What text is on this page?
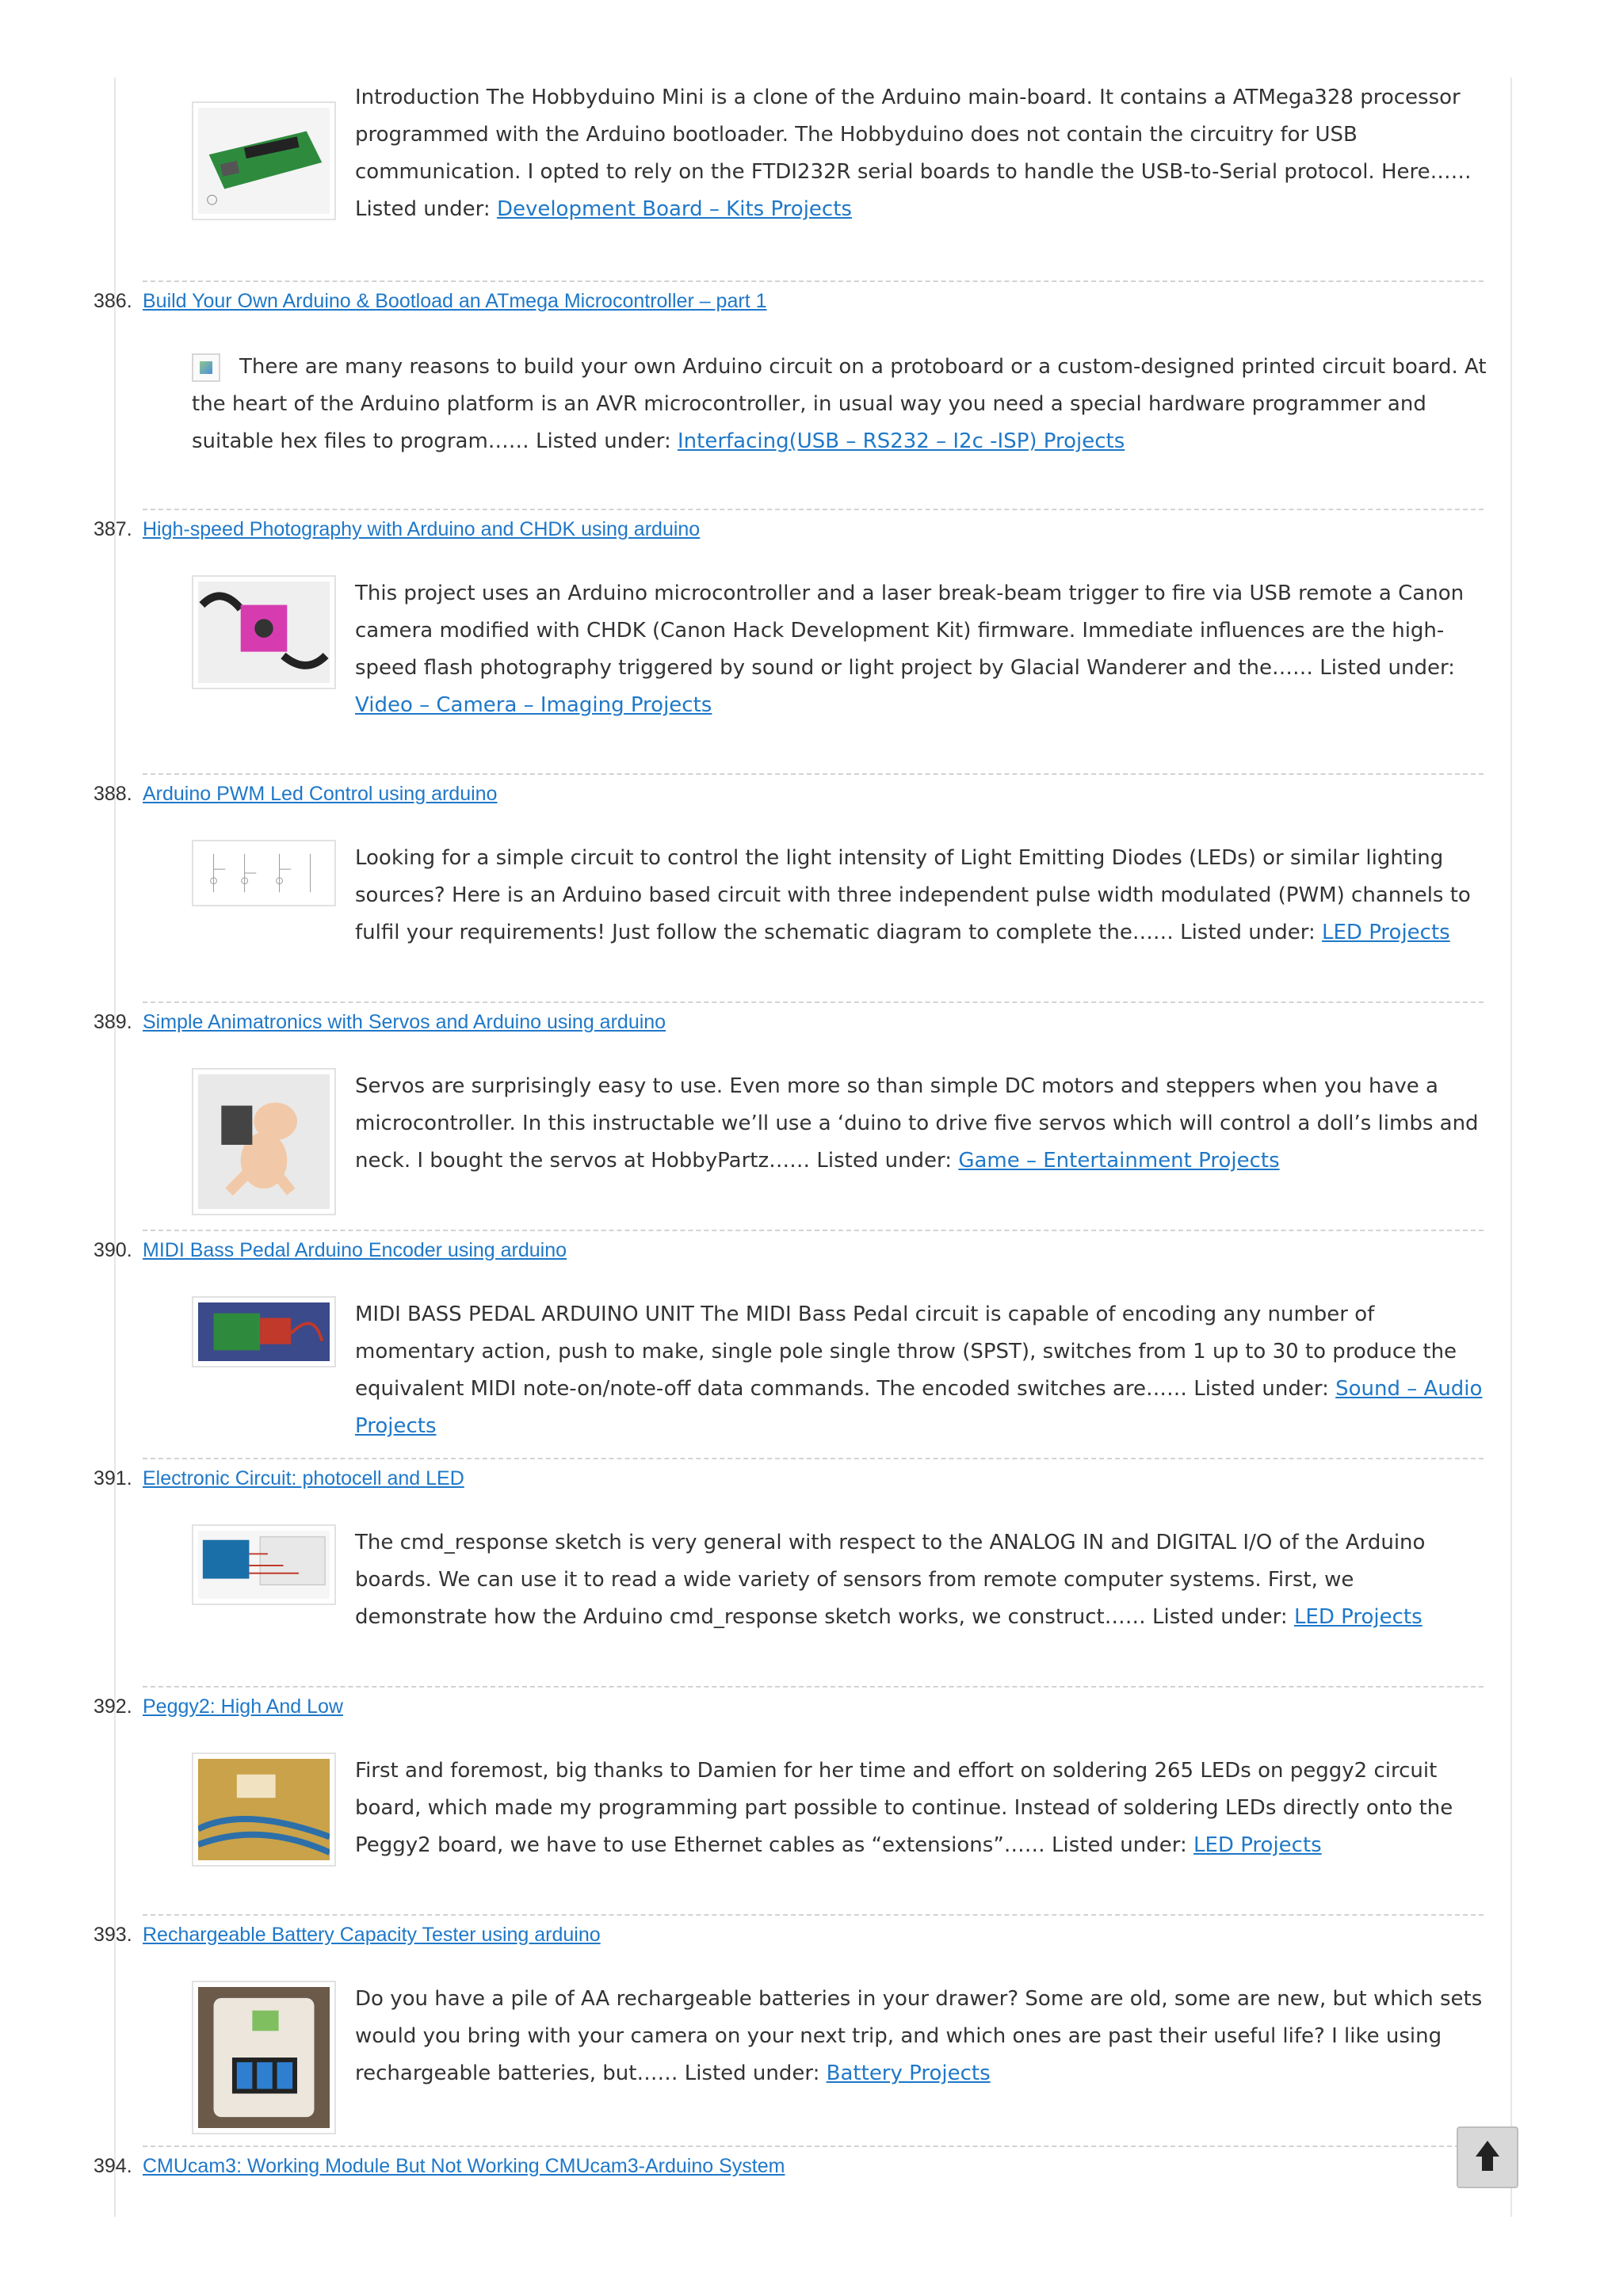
Introduction The Hobbyduino Mini is a clone of the Arduino main-board. It contains a ATMega328 processor programmed with the Arduino bootloader. The Hobbyduino does not contain the circuitry for USB communication. I opted to rely on the FTDI232R serial boards to handle the USB-to-Serial protocol. Here…… Listed under: Development Board – Kits Projects
386. Build Your Own Arduino & Bootload an ATmega Microcontroller – part 1
There are many reasons to build your own Arduino circuit on a protoboard or a custom-designed printed circuit board. At the heart of the Arduino platform is an AVR microcontroller, in usual way you need a special hardware programmer and suitable hex files to program…… Listed under: Interfacing(USB – RS232 – I2c -ISP) Projects
387. High-speed Photography with Arduino and CHDK using arduino
This project uses an Arduino microcontroller and a laser break-beam trigger to fire via USB remote a Canon camera modified with CHDK (Canon Hack Development Kit) firmware. Immediate influences are the high-speed flash photography triggered by sound or light project by Glacial Wanderer and the…… Listed under: Video – Camera – Imaging Projects
388. Arduino PWM Led Control using arduino
Looking for a simple circuit to control the light intensity of Light Emitting Diodes (LEDs) or similar lighting sources? Here is an Arduino based circuit with three independent pulse width modulated (PWM) channels to fulfil your requirements! Just follow the schematic diagram to complete the…… Listed under: LED Projects
389. Simple Animatronics with Servos and Arduino using arduino
Servos are surprisingly easy to use. Even more so than simple DC motors and steppers when you have a microcontroller. In this instructable we’ll use a ‘duino to drive five servos which will control a doll’s limbs and neck. I bought the servos at HobbyPartz…… Listed under: Game – Entertainment Projects
390. MIDI Bass Pedal Arduino Encoder using arduino
MIDI BASS PEDAL ARDUINO UNIT The MIDI Bass Pedal circuit is capable of encoding any number of momentary action, push to make, single pole single throw (SPST), switches from 1 up to 30 to produce the equivalent MIDI note-on/note-off data commands. The encoded switches are…… Listed under: Sound – Audio Projects
391. Electronic Circuit: photocell and LED
The cmd_response sketch is very general with respect to the ANALOG IN and DIGITAL I/O of the Arduino boards. We can use it to read a wide variety of sensors from remote computer systems. First, we demonstrate how the Arduino cmd_response sketch works, we construct…… Listed under: LED Projects
392. Peggy2: High And Low
First and foremost, big thanks to Damien for her time and effort on soldering 265 LEDs on peggy2 circuit board, which made my programming part possible to continue. Instead of soldering LEDs directly onto the Peggy2 board, we have to use Ethernet cables as “extensions”…… Listed under: LED Projects
393. Rechargeable Battery Capacity Tester using arduino
Do you have a pile of AA rechargeable batteries in your drawer? Some are old, some are new, but which sets would you bring with your camera on your next trip, and which ones are past their useful life? I like using rechargeable batteries, but…… Listed under: Battery Projects
394. CMUcam3: Working Module But Not Working CMUcam3-Arduino System
